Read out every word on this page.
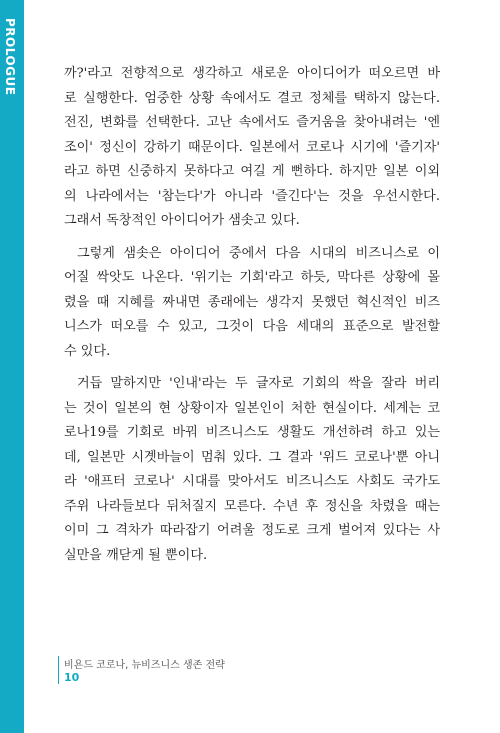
PROLOGUE	까?'라고 전향적으로 생각하고 새로운 아이디어가 떠오르면 바
로 실행한다. 엄중한 상황 속에서도 결코 정체를 택하지 않는다.
전진, 변화를 선택한다. 고난 속에서도 즐거움을 찾아내려는 '엔
조이' 정신이 강하기 때문이다. 일본에서 코로나 시기에 '즐기자'
라고 하면 신중하지 못하다고 여길 게 뻔하다. 하지만 일본 이외
의 나라에서는 '참는다'가 아니라 '즐긴다'는 것을 우선시한다.
그래서 독창적인 아이디어가 샘솟고 있다.
그렇게 샘솟은 아이디어 중에서 다음 시대의 비즈니스로 이
어질 싹앗도 나온다. '위기는 기회'라고 하듯, 막다른 상황에 몰
렸을 때 지혜를 짜내면 종래에는 생각지 못했던 혁신적인 비즈
니스가 떠오를 수 있고, 그것이 다음 세대의 표준으로 발전할
수 있다.
거듭 말하지만 '인내'라는 두 글자로 기회의 싹을 잘라 버리
는 것이 일본의 현 상황이자 일본인이 처한 현실이다. 세계는 코
로나19를 기회로 바꿔 비즈니스도 생활도 개선하려 하고 있는
데, 일본만 시곗바늘이 멈춰 있다. 그 결과 '위드 코로나'뿐 아니
라 '애프터 코로나' 시대를 맞아서도 비즈니스도 사회도 국가도
주위 나라들보다 뒤처질지 모른다. 수년 후 정신을 차렸을 때는
이미 그 격차가 따라잡기 어려울 정도로 크게 벌어져 있다는 사
실만을 깨닫게 될 뿐이다.
비욘드 코로나, 뉴비즈니스 생존 전략
10
